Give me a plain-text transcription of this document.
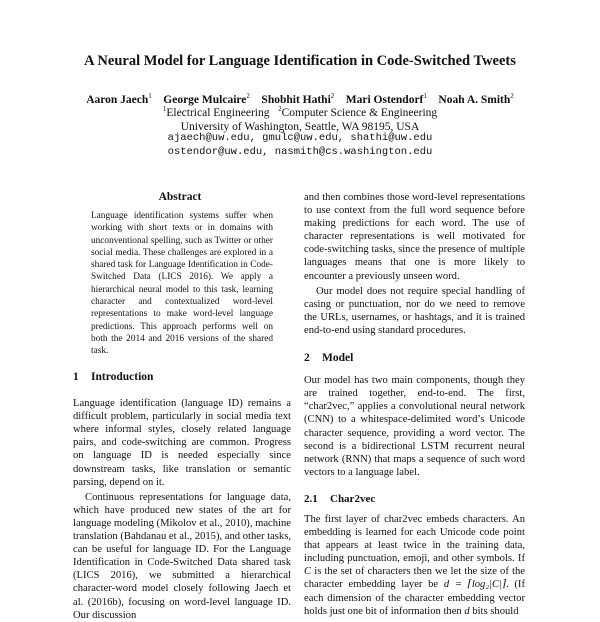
A Neural Model for Language Identification in Code-Switched Tweets
Aaron Jaech$^1$ George Mulcaire$^2$ Shobhit Hathi$^2$ Mari Ostendorf$^1$ Noah A. Smith$^2$
$^1$Electrical Engineering $^2$Computer Science & Engineering
University of Washington, Seattle, WA 98195, USA
ajaech@uw.edu, gmulc@uw.edu, shathi@uw.edu
ostendor@uw.edu, nasmith@cs.washington.edu
Abstract
Language identification systems suffer when working with short texts or in domains with unconventional spelling, such as Twitter or other social media. These challenges are explored in a shared task for Language Identification in Code-Switched Data (LICS 2016). We apply a hierarchical neural model to this task, learning character and contextualized word-level representations to make word-level language predictions. This approach performs well on both the 2014 and 2016 versions of the shared task.
1 Introduction

Language identification (language ID) remains a difficult problem, particularly in social media text where informal styles, closely related language pairs, and code-switching are common. Progress on language ID is needed especially since downstream tasks, like translation or semantic parsing, depend on it.

Continuous representations for language data, which have produced new states of the art for language modeling (Mikolov et al., 2010), machine translation (Bahdanau et al., 2015), and other tasks, can be useful for language ID. For the Language Identification in Code-Switched Data shared task (LICS 2016), we submitted a hierarchical character-word model closely following Jaech et al. (2016b), focusing on word-level language ID. Our discussion

and then combines those word-level representations to use context from the full word sequence before making predictions for each word. The use of character representations is well motivated for code-switching tasks, since the presence of multiple languages means that one is more likely to encounter a previously unseen word.

Our model does not require special handling of casing or punctuation, nor do we need to remove the URLs, usernames, or hashtags, and it is trained end-to-end using standard procedures.

2 Model

Our model has two main components, though they are trained together, end-to-end. The first, “char2vec,” applies a convolutional neural network (CNN) to a whitespace-delimited word’s Unicode character sequence, providing a word vector. The second is a bidirectional LSTM recurrent neural network (RNN) that maps a sequence of such word vectors to a language label.

2.1 Char2vec

The first layer of char2vec embeds characters. An embedding is learned for each Unicode code point that appears at least twice in the training data, including punctuation, emoji, and other symbols. If C is the set of characters then we let the size of the character embedding layer be d = ⌈log₂|C|⌉. (If each dimension of the character embedding vector holds just one bit of information then d bits should
